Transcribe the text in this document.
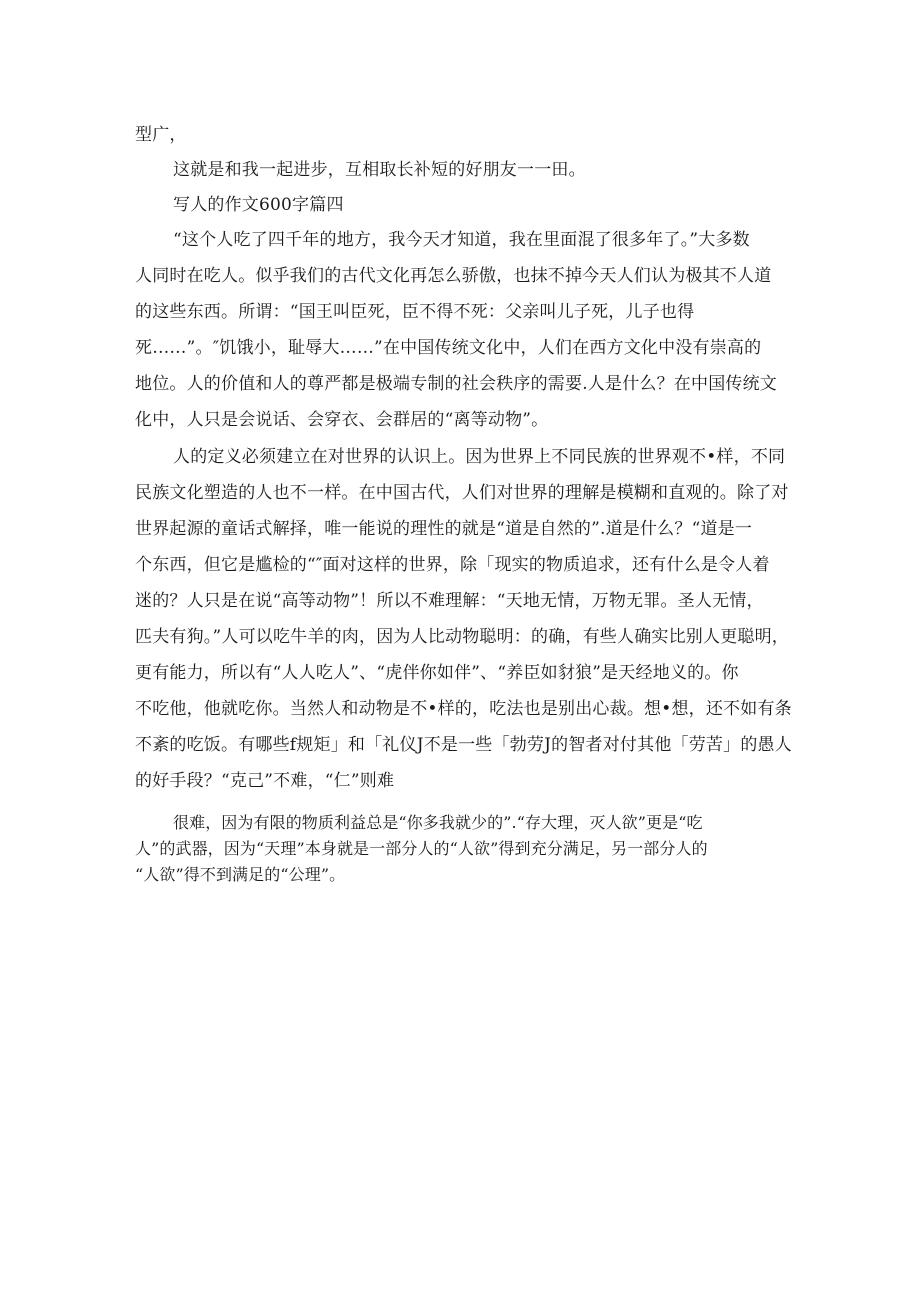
型广，
这就是和我一起进步，互相取长补短的好朋友一一田。
写人的作文600字篇四
“这个人吃了四千年的地方，我今天才知道，我在里面混了很多年了。”大多数
人同时在吃人。似乎我们的古代文化再怎么骄傲，也抹不掉今天人们认为极其不人道
的这些东西。所谓：“国王叫臣死，臣不得不死：父亲叫儿子死，儿子也得
死……”。″饥饿小，耻辱大……”在中国传统文化中，人们在西方文化中没有崇高的
地位。人的价值和人的尊严都是极端专制的社会秩序的需要.人是什么？在中国传统文
化中，人只是会说话、会穿衣、会群居的“离等动物”。
人的定义必须建立在对世界的认识上。因为世界上不同民族的世界观不•样，不同
民族文化塑造的人也不一样。在中国古代，人们对世界的理解是模糊和直观的。除了对
世界起源的童话式解择，唯一能说的理性的就是“道是自然的”.道是什么？“道是一
个东西，但它是尴检的“″面对这样的世界，除「现实的物质追求，还有什么是令人着
迷的？人只是在说“高等动物”！所以不难理解：“天地无情，万物无罪。圣人无情，
匹夫有狗。”人可以吃牛羊的肉，因为人比动物聪明：的确，有些人确实比别人更聪明，
更有能力，所以有“人人吃人”、“虎伴你如伴”、“养臣如豺狼”是天经地义的。你
不吃他，他就吃你。当然人和动物是不•样的，吃法也是别出心裁。想•想，还不如有条
不紊的吃饭。有哪些f规矩」和「礼仪J不是一些「勃劳J的智者对付其他「劳苦」的愚人
的好手段？“克己”不难，“仁”则难
很难，因为有限的物质利益总是“你多我就少的”.“存大理，灭人欲”更是“吃
人”的武器，因为“天理”本身就是一部分人的“人欲”得到充分满足，另一部分人的
“人欲”得不到满足的“公理”。
